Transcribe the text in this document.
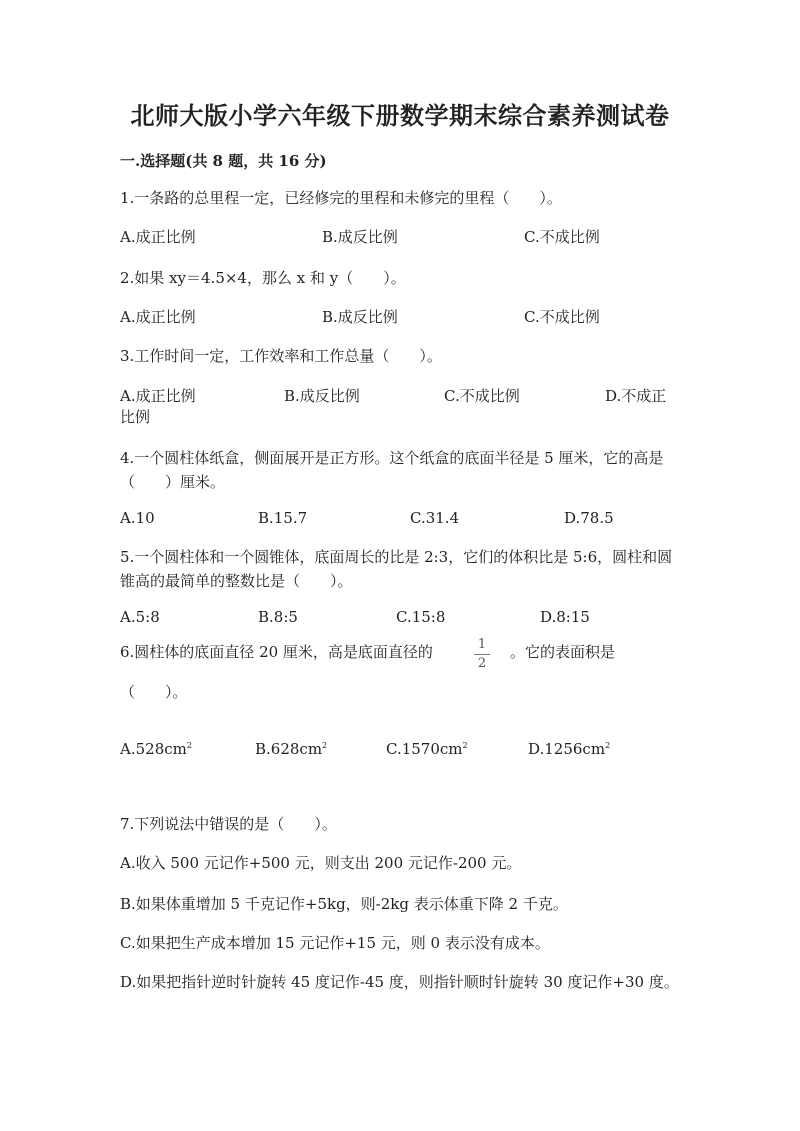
北师大版小学六年级下册数学期末综合素养测试卷
一.选择题(共 8 题，共 16 分)
1.一条路的总里程一定，已经修完的里程和未修完的里程（　　）。
A.成正比例	B.成反比例	C.不成比例
2.如果 xy＝4.5×4，那么 x 和 y（　　）。
A.成正比例	B.成反比例	C.不成比例
3.工作时间一定，工作效率和工作总量（　　）。
A.成正比例	B.成反比例	C.不成比例	D.不成正
比例
4.一个圆柱体纸盒，侧面展开是正方形。这个纸盒的底面半径是 5 厘米，它的高是（　　）厘米。
A.10	B.15.7	C.31.4	D.78.5
5.一个圆柱体和一个圆锥体，底面周长的比是 2:3，它们的体积比是 5:6，圆柱和圆锥高的最简单的整数比是（　　）。
A.5:8	B.8:5	C.15:8	D.8:15
6.圆柱体的底面直径 20 厘米，高是底面直径的	1
2
。它的表面积是
（　　）。
$A.528cm^2$	$B.628cm^2$	$C.1570cm^2$	$D.1256cm^2$
7.下列说法中错误的是（　　）。
A.收入 500 元记作+500 元，则支出 200 元记作-200 元。
B.如果体重增加 5 千克记作+5kg，则-2kg 表示体重下降 2 千克。
C.如果把生产成本增加 15 元记作+15 元，则 0 表示没有成本。
D.如果把指针逆时针旋转 45 度记作-45 度，则指针顺时针旋转 30 度记作+30 度。
